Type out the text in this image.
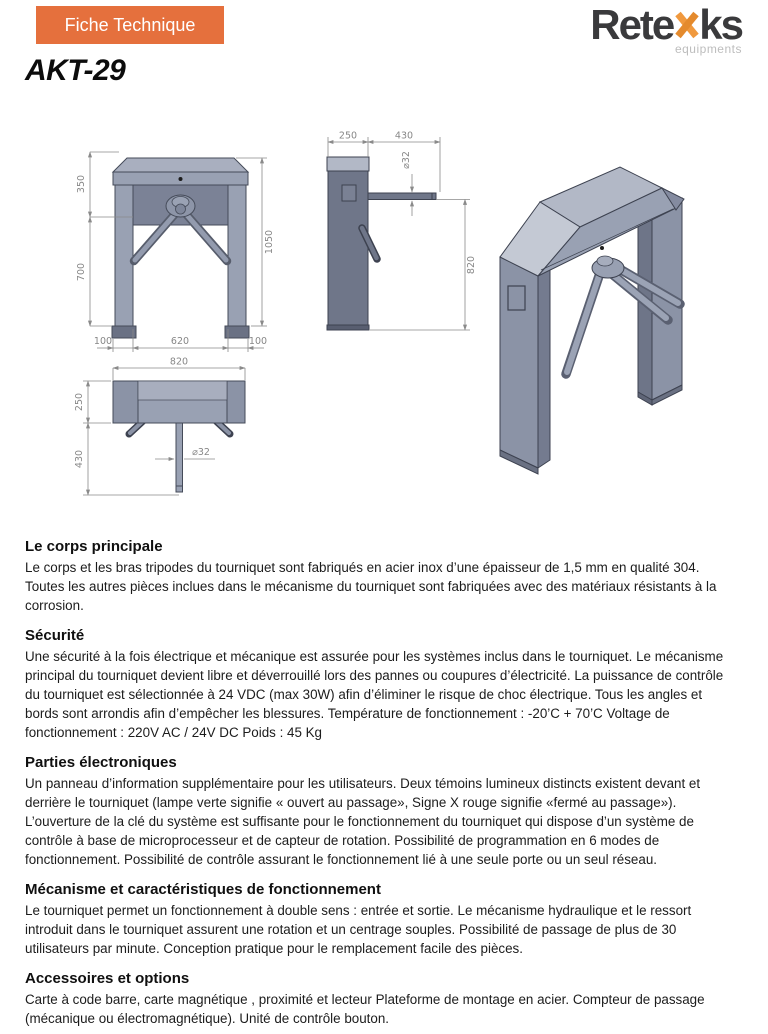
Fiche Technique	Rete ks
equipments
AKT-29
350
700
1050
100	620	100
250	430
⌀32
820
820
250
430	⌀32
Le corps principale

Le corps et les bras tripodes du tourniquet sont fabriqués en acier inox d’une épaisseur de 1,5 mm en qualité 304. Toutes les autres pièces inclues dans le mécanisme du tourniquet sont fabriquées avec des matériaux résistants à la corrosion.

Sécurité

Une sécurité à la fois électrique et mécanique est assurée pour les systèmes inclus dans le tourniquet. Le mécanisme principal du tourniquet devient libre et déverrouillé lors des pannes ou coupures d’électricité. La puissance de contrôle du tourniquet est sélectionnée à 24 VDC (max 30W) afin d’éliminer le risque de choc électrique. Tous les angles et bords sont arrondis afin d’empêcher les blessures. Température de fonctionnement : -20’C + 70’C Voltage de fonctionnement : 220V AC / 24V DC Poids : 45 Kg

Parties électroniques

Un panneau d’information supplémentaire pour les utilisateurs. Deux témoins lumineux distincts existent devant et derrière le tourniquet (lampe verte signifie « ouvert au passage», Signe X rouge signifie «fermé au passage»).

L’ouverture de la clé du système est suffisante pour le fonctionnement du tourniquet qui dispose d’un système de contrôle à base de microprocesseur et de capteur de rotation. Possibilité de programmation en 6 modes de fonctionnement. Possibilité de contrôle assurant le fonctionnement lié à une seule porte ou un seul réseau.

Mécanisme et caractéristiques de fonctionnement

Le tourniquet permet un fonctionnement à double sens : entrée et sortie. Le mécanisme hydraulique et le ressort introduit dans le tourniquet assurent une rotation et un centrage souples. Possibilité de passage de plus de 30 utilisateurs par minute. Conception pratique pour le remplacement facile des pièces.

Accessoires et options

Carte à code barre, carte magnétique , proximité et lecteur Plateforme de montage en acier. Compteur de passage (mécanique ou électromagnétique). Unité de contrôle bouton.
